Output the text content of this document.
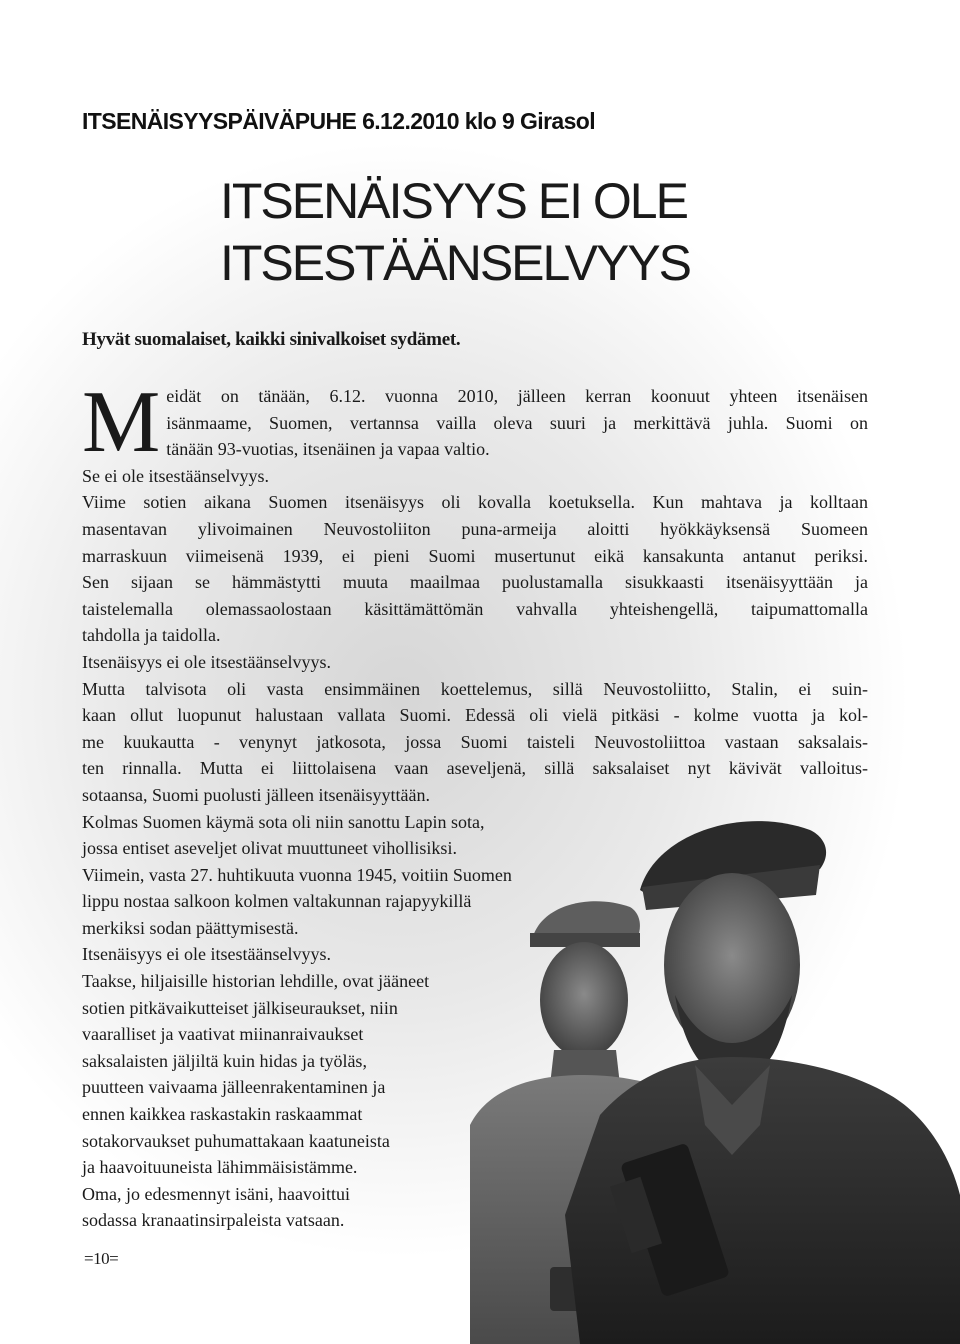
ITSENÄISYYSPÄIVÄPUHE 6.12.2010 klo 9 Girasol
ITSENÄISYYS EI OLE
ITSESTÄÄNSELVYYS

Hyvät suomalaiset, kaikki sinivalkoiset sydämet.

M eidät on tänään, 6.12. vuonna 2010, jälleen kerran koonuut yhteen itsenäisen
isänmaame, Suomen, vertannsa vailla oleva suuri ja merkittävä juhla. Suomi on
tänään 93-vuotias, itsenäinen ja vapaa valtio.

Se ei ole itsestäänselvyys.

Viime sotien aikana Suomen itsenäisyys oli kovalla koetuksella. Kun mahtava ja kolltaan

masentavan ylivoimainen Neuvostoliiton puna-armeija aloitti hyökkäyksensä Suomeen

marraskuun viimeisenä 1939, ei pieni Suomi musertunut eikä kansakunta antanut periksi.

Sen sijaan se hämmästytti muuta maailmaa puolustamalla sisukkaasti itsenäisyyttään ja

taistelemalla olemassaolostaan käsittämättömän vahvalla yhteishengellä, taipumattomalla

tahdolla ja taidolla.

Itsenäisyys ei ole itsestäänselvyys.

Mutta talvisota oli vasta ensimmäinen koettelemus, sillä Neuvostoliitto, Stalin, ei suin-

kaan ollut luopunut halustaan vallata Suomi. Edessä oli vielä pitkäsi - kolme vuotta ja kol-

me kuukautta - venynyt jatkosota, jossa Suomi taisteli Neuvostoliittoa vastaan saksalais-

ten rinnalla. Mutta ei liittolaisena vaan aseveljenä, sillä saksalaiset nyt kävivät valloitus-

sotaansa, Suomi puolusti jälleen itsenäisyyttään.

Kolmas Suomen käymä sota oli niin sanottu Lapin sota,

jossa entiset aseveljet olivat muuttuneet vihollisiksi.

Viimein, vasta 27. huhtikuuta vuonna 1945, voitiin Suomen

lippu nostaa salkoon kolmen valtakunnan rajapyykillä

merkiksi sodan päättymisestä.

Itsenäisyys ei ole itsestäänselvyys.

Taakse, hiljaisille historian lehdille, ovat jääneet

sotien pitkävaikutteiset jälkiseuraukset, niin

vaaralliset ja vaativat miinanraivaukset

saksalaisten jäljiltä kuin hidas ja työläs,

puutteen vaivaama jälleenrakentaminen ja

ennen kaikkea raskastakin raskaammat

sotakorvaukset puhumattakaan kaatuneista

ja haavoituuneista lähimmäisistämme.

Oma, jo edesmennyt isäni, haavoittui

sodassa kranaatinsirpaleista vatsaan.

=10=
